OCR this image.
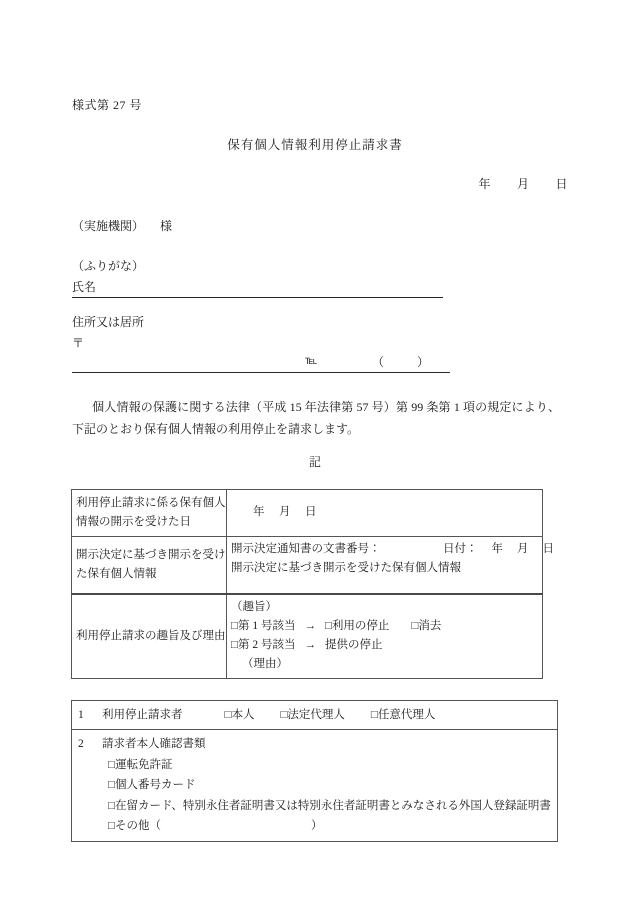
様式第 27 号
保有個人情報利用停止請求書
年 月 日
（実施機関） 様
（ふりがな）
氏名
住所又は居所
〒
℡	（	）
個人情報の保護に関する法律（平成 15 年法律第 57 号）第 99 条第 1 項の規定により、下記のとおり保有個人情報の利用停止を請求します。
記
利用停止請求に係る保有個人情報の開示を受けた日	年 月 日
開示決定に基づき開示を受けた保有個人情報	開示決定通知書の文書番号： 日付： 年 月 日
開示決定に基づき開示を受けた保有個人情報

利用停止請求の趣旨及び理由	（趣旨）
□第 1 号該当 → □利用の停止 □消去
□第 2 号該当 → 提供の停止
（理由）
1 利用停止請求者	□本人 □法定代理人 □任意代理人
2 請求者本人確認書類
□運転免許証
□個人番号カード
□在留カード、特別永住者証明書又は特別永住者証明書とみなされる外国人登録証明書
□その他（	）
